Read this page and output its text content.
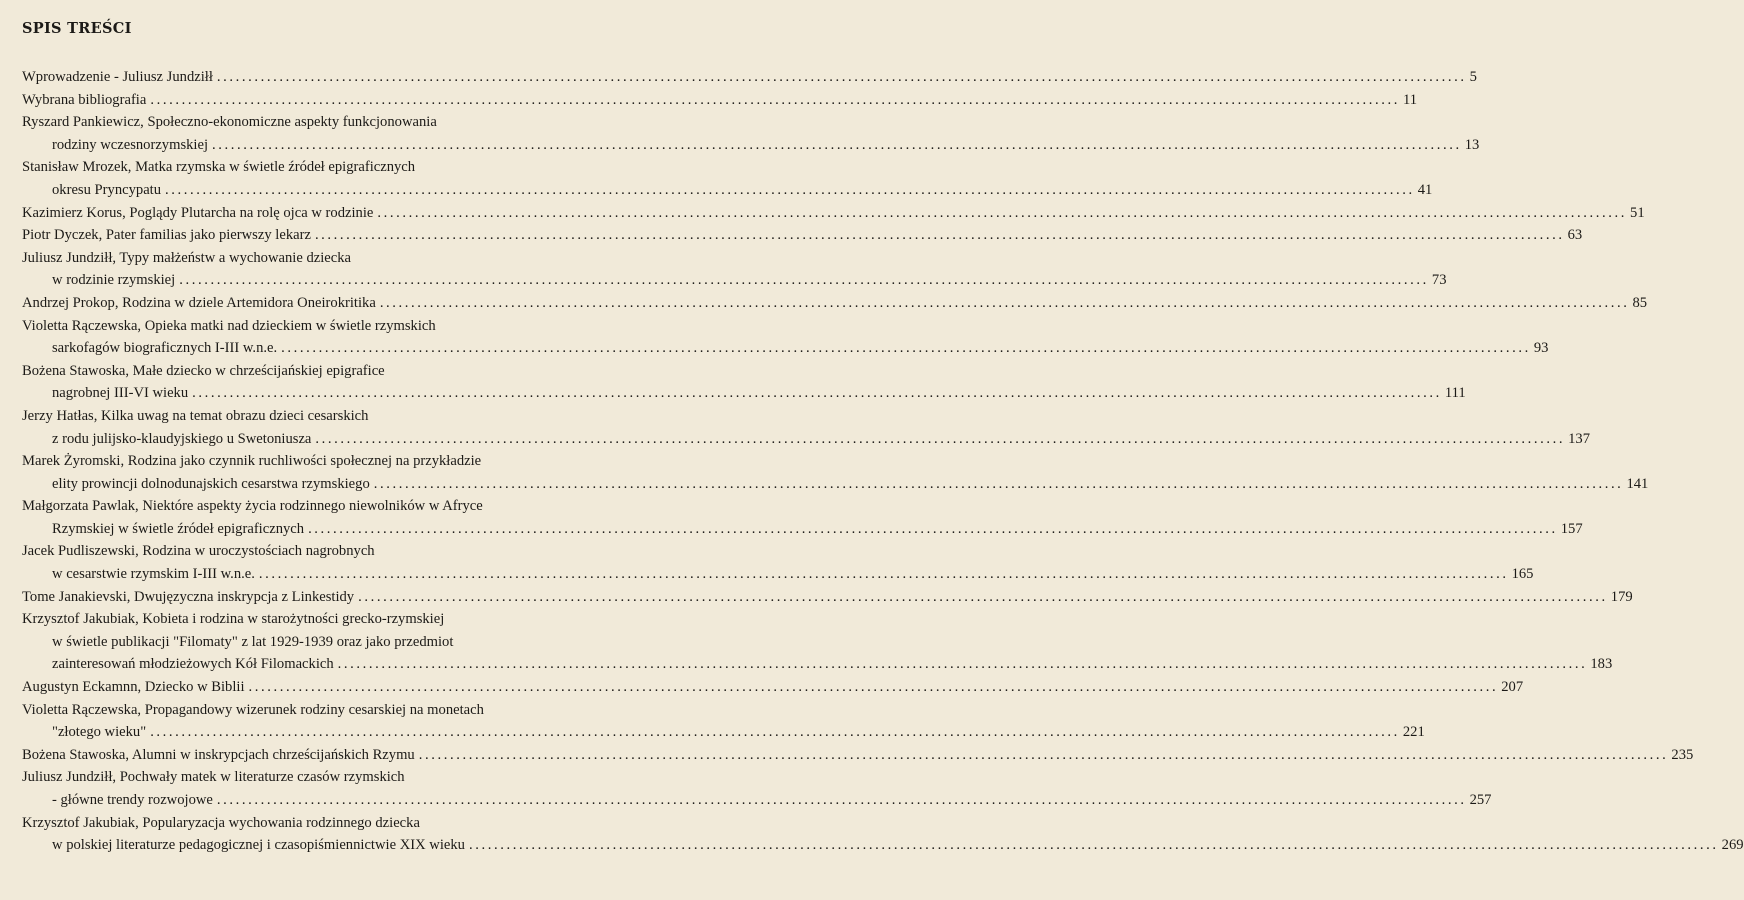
SPIS TREŚCI
Wprowadzenie - Juliusz Jundziłł ........................................................................................................................................................................................................ 5
Wybrana bibliografia ........................................................................................................................................................................................................ 11
Ryszard Pankiewicz, Społeczno-ekonomiczne aspekty funkcjonowania
rodziny wczesnorzymskiej ........................................................................................................................................................................................................ 13
Stanisław Mrozek, Matka rzymska w świetle źródeł epigraficznych
okresu Pryncypatu ........................................................................................................................................................................................................ 41
Kazimierz Korus, Poglądy Plutarcha na rolę ojca w rodzinie ........................................................................................................................................................................................................ 51
Piotr Dyczek, Pater familias jako pierwszy lekarz ........................................................................................................................................................................................................ 63
Juliusz Jundziłł, Typy małżeństw a wychowanie dziecka
w rodzinie rzymskiej ........................................................................................................................................................................................................ 73
Andrzej Prokop, Rodzina w dziele Artemidora Oneirokritika ........................................................................................................................................................................................................ 85
Violetta Rączewska, Opieka matki nad dzieckiem w świetle rzymskich
sarkofagów biograficznych I-III w.n.e. ........................................................................................................................................................................................................ 93
Bożena Stawoska, Małe dziecko w chrześcijańskiej epigrafice
nagrobnej III-VI wieku ........................................................................................................................................................................................................ 111
Jerzy Hatłas, Kilka uwag na temat obrazu dzieci cesarskich
z rodu julijsko-klaudyjskiego u Swetoniusza ........................................................................................................................................................................................................ 137
Marek Żyromski, Rodzina jako czynnik ruchliwości społecznej na przykładzie
elity prowincji dolnodunajskich cesarstwa rzymskiego ........................................................................................................................................................................................................ 141
Małgorzata Pawlak, Niektóre aspekty życia rodzinnego niewolników w Afryce
Rzymskiej w świetle źródeł epigraficznych ........................................................................................................................................................................................................ 157
Jacek Pudliszewski, Rodzina w uroczystościach nagrobnych
w cesarstwie rzymskim I-III w.n.e. ........................................................................................................................................................................................................ 165
Tome Janakievski, Dwujęzyczna inskrypcja z Linkestidy ........................................................................................................................................................................................................ 179
Krzysztof Jakubiak, Kobieta i rodzina w starożytności grecko-rzymskiej
w świetle publikacji "Filomaty" z lat 1929-1939 oraz jako przedmiot
zainteresowań młodzieżowych Kół Filomackich ........................................................................................................................................................................................................ 183
Augustyn Eckamnn, Dziecko w Biblii ........................................................................................................................................................................................................ 207
Violetta Rączewska, Propagandowy wizerunek rodziny cesarskiej na monetach
"złotego wieku" ........................................................................................................................................................................................................ 221
Bożena Stawoska, Alumni w inskrypcjach chrześcijańskich Rzymu ........................................................................................................................................................................................................ 235
Juliusz Jundziłł, Pochwały matek w literaturze czasów rzymskich
- główne trendy rozwojowe ........................................................................................................................................................................................................ 257
Krzysztof Jakubiak, Popularyzacja wychowania rodzinnego dziecka
w polskiej literaturze pedagogicznej i czasopiśmiennictwie XIX wieku ........................................................................................................................................................................................................ 269
